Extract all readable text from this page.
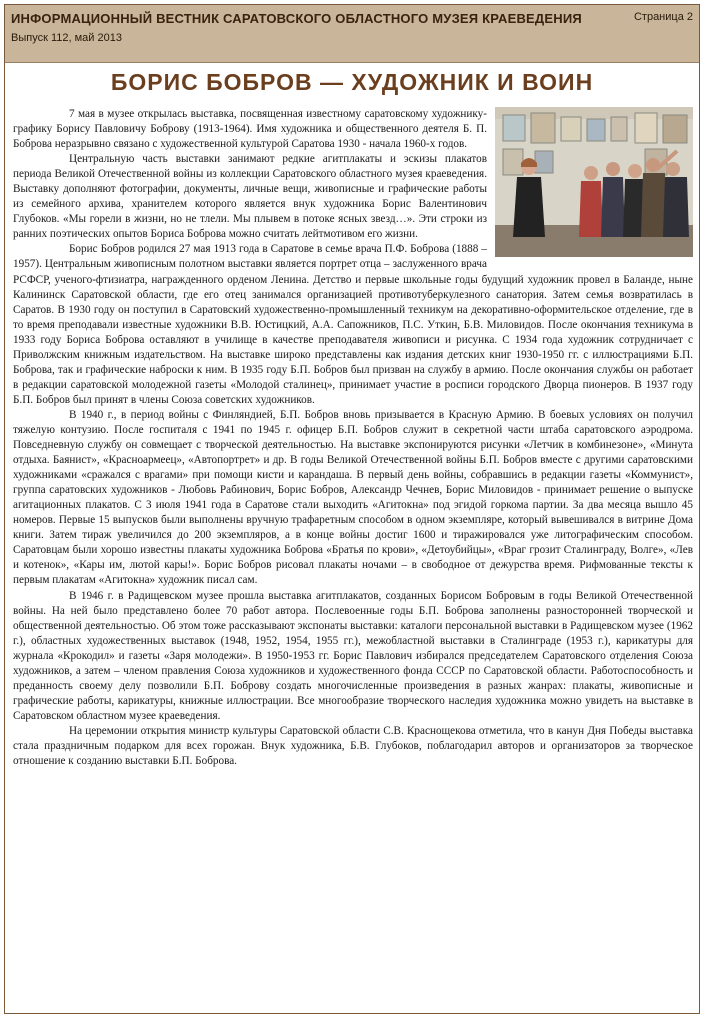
ИНФОРМАЦИОННЫЙ ВЕСТНИК САРАТОВСКОГО ОБЛАСТНОГО МУЗЕЯ КРАЕВЕДЕНИЯ
Выпуск 112, май 2013
Страница 2
БОРИС БОБРОВ — ХУДОЖНИК И ВОИН

7 мая в музее открылась выставка, посвященная известному саратовскому художнику-графику Борису Павловичу Боброву (1913-1964). Имя художника и общественного деятеля Б. П. Боброва неразрывно связано с художественной культурой Саратова 1930 - начала 1960-х годов.

Центральную часть выставки занимают редкие агитплакаты и эскизы плакатов периода Великой Отечественной войны из коллекции Саратовского областного музея краеведения. Выставку дополняют фотографии, документы, личные вещи, живописные и графические работы из семейного архива, хранителем которого является внук художника Борис Валентинович Глубоков. «Мы горели в жизни, но не тлели. Мы плывем в потоке ясных звезд…». Эти строки из ранних поэтических опытов Бориса Боброва можно считать лейтмотивом его жизни.

Борис Бобров родился 27 мая 1913 года в Саратове в семье врача П.Ф. Боброва (1888 – 1957). Центральным живописным полотном выставки является портрет отца – заслуженного врача РСФСР, ученого-фтизиатра, награжденного орденом Ленина. Детство и первые школьные годы будущий художник провел в Баланде, ныне Калининск Саратовской области, где его отец занимался организацией противотуберкулезного санатория. Затем семья возвратилась в Саратов. В 1930 году он поступил в Саратовский художественно-промышленный техникум на декоративно-оформительское отделение, где в то время преподавали известные художники В.В. Юстицкий, А.А. Сапожников, П.С. Уткин, Б.В. Миловидов. После окончания техникума в 1933 году Бориса Боброва оставляют в училище в качестве преподавателя живописи и рисунка. С 1934 года художник сотрудничает с Приволжским книжным издательством. На выставке широко представлены как издания детских книг 1930-1950 гг. с иллюстрациями Б.П. Боброва, так и графические наброски к ним. В 1935 году Б.П. Бобров был призван на службу в армию. После окончания службы он работает в редакции саратовской молодежной газеты «Молодой сталинец», принимает участие в росписи городского Дворца пионеров. В 1937 году Б.П. Бобров был принят в члены Союза советских художников.

В 1940 г., в период войны с Финляндией, Б.П. Бобров вновь призывается в Красную Армию. В боевых условиях он получил тяжелую контузию. После госпиталя с 1941 по 1945 г. офицер Б.П. Бобров служит в секретной части штаба саратовского аэродрома. Повседневную службу он совмещает с творческой деятельностью. На выставке экспонируются рисунки «Летчик в комбинезоне», «Минута отдыха. Баянист», «Красноармеец», «Автопортрет» и др. В годы Великой Отечественной войны Б.П. Бобров вместе с другими саратовскими художниками «сражался с врагами» при помощи кисти и карандаша. В первый день войны, собравшись в редакции газеты «Коммунист», группа саратовских художников - Любовь Рабинович, Борис Бобров, Александр Чечнев, Борис Миловидов - принимает решение о выпуске агитационных плакатов. С 3 июля 1941 года в Саратове стали выходить «Агитокна» под эгидой горкома партии. За два месяца вышло 45 номеров. Первые 15 выпусков были выполнены вручную трафаретным способом в одном экземпляре, который вывешивался в витрине Дома книги. Затем тираж увеличился до 200 экземпляров, а в конце войны достиг 1600 и тиражировался уже литографическим способом. Саратовцам были хорошо известны плакаты художника Боброва «Братья по крови», «Детоубийцы», «Враг грозит Сталинграду, Волге», «Лев и котенок», «Кары им, лютой кары!». Борис Бобров рисовал плакаты ночами – в свободное от дежурства время. Рифмованные тексты к первым плакатам «Агитокна» художник писал сам.

В 1946 г. в Радищевском музее прошла выставка агитплакатов, созданных Борисом Бобровым в годы Великой Отечественной войны. На ней было представлено более 70 работ автора. Послевоенные годы Б.П. Боброва заполнены разносторонней творческой и общественной деятельностью. Об этом тоже рассказывают экспонаты выставки: каталоги персональной выставки в Радищевском музее (1962 г.), областных художественных выставок (1948, 1952, 1954, 1955 гг.), межобластной выставки в Сталинграде (1953 г.), карикатуры для журнала «Крокодил» и газеты «Заря молодежи». В 1950-1953 гг. Борис Павлович избирался председателем Саратовского отделения Союза художников, а затем – членом правления Союза художников и художественного фонда СССР по Саратовской области. Работоспособность и преданность своему делу позволили Б.П. Боброву создать многочисленные произведения в разных жанрах: плакаты, живописные и графические работы, карикатуры, книжные иллюстрации. Все многообразие творческого наследия художника можно увидеть на выставке в Саратовском областном музее краеведения.

На церемонии открытия министр культуры Саратовской области С.В. Краснощекова отметила, что в канун Дня Победы выставка стала праздничным подарком для всех горожан. Внук художника, Б.В. Глубоков, поблагодарил авторов и организаторов за творческое отношение к созданию выставки Б.П. Боброва.
